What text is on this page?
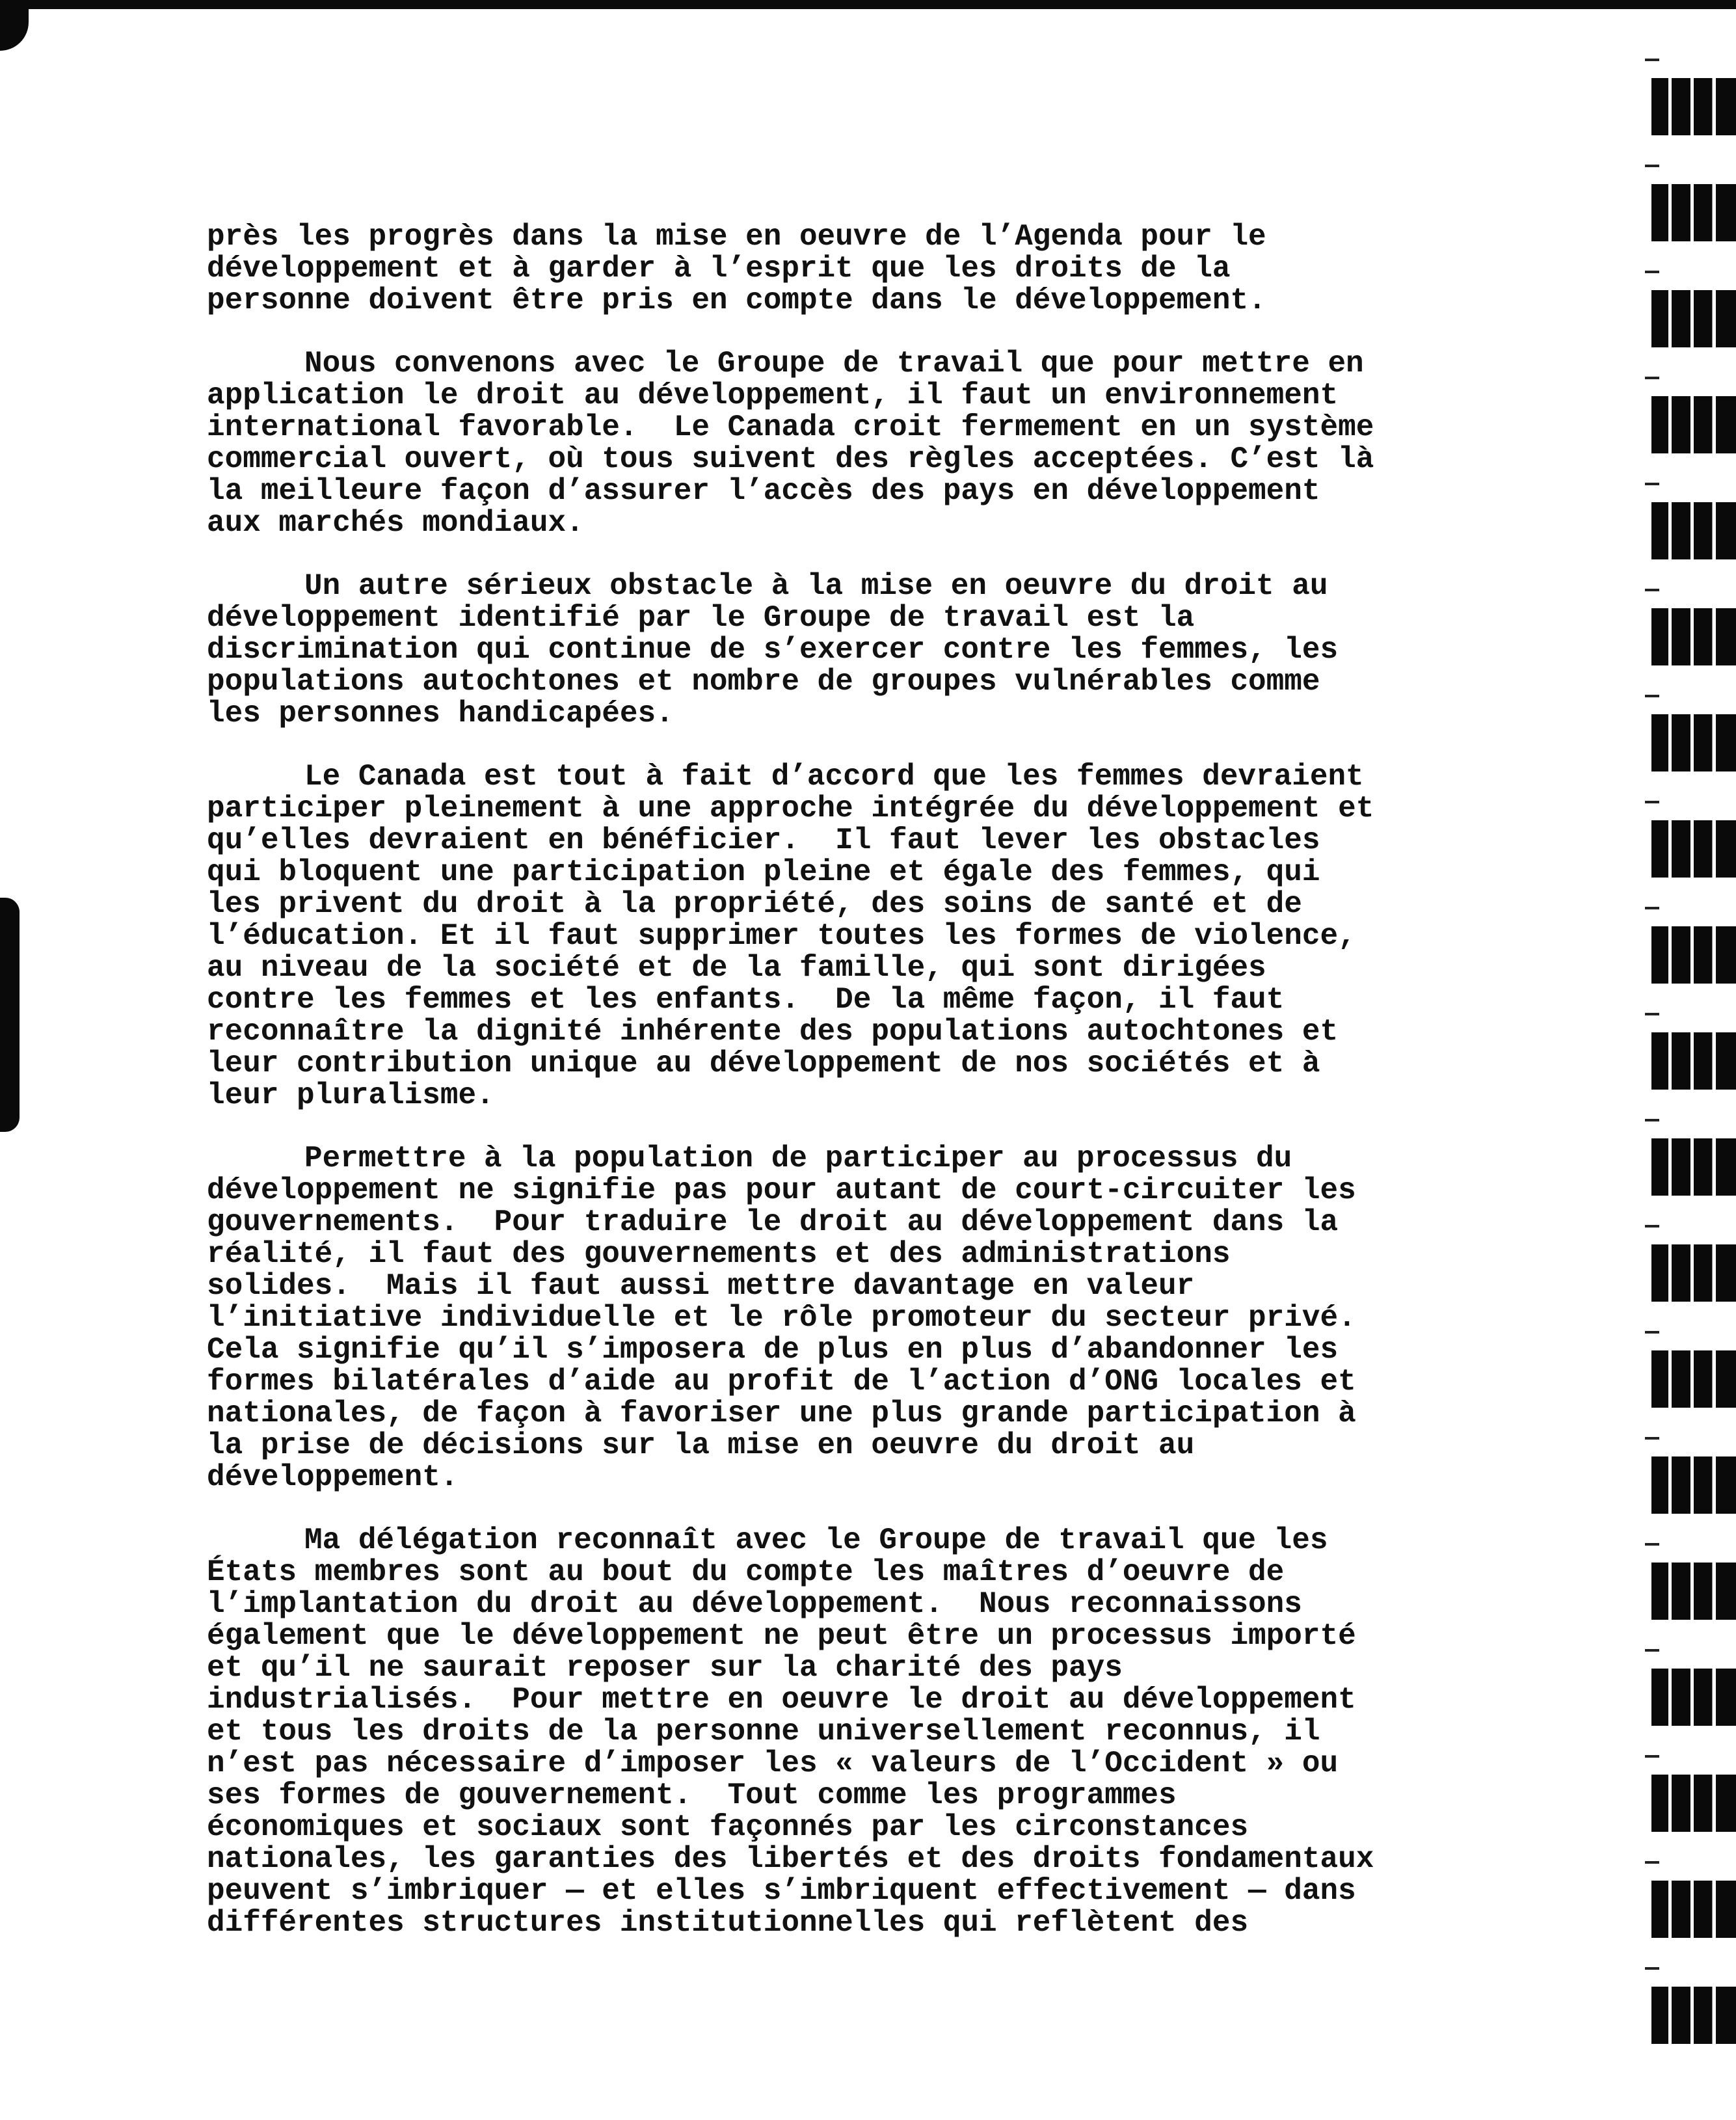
près les progrès dans la mise en oeuvre de l’Agenda pour le
développement et à garder à l’esprit que les droits de la
personne doivent être pris en compte dans le développement.
Nous convenons avec le Groupe de travail que pour mettre en
application le droit au développement, il faut un environnement
international favorable.  Le Canada croit fermement en un système
commercial ouvert, où tous suivent des règles acceptées. C’est là
la meilleure façon d’assurer l’accès des pays en développement
aux marchés mondiaux.
Un autre sérieux obstacle à la mise en oeuvre du droit au
développement identifié par le Groupe de travail est la
discrimination qui continue de s’exercer contre les femmes, les
populations autochtones et nombre de groupes vulnérables comme
les personnes handicapées.
Le Canada est tout à fait d’accord que les femmes devraient
participer pleinement à une approche intégrée du développement et
qu’elles devraient en bénéficier.  Il faut lever les obstacles
qui bloquent une participation pleine et égale des femmes, qui
les privent du droit à la propriété, des soins de santé et de
l’éducation. Et il faut supprimer toutes les formes de violence,
au niveau de la société et de la famille, qui sont dirigées
contre les femmes et les enfants.  De la même façon, il faut
reconnaître la dignité inhérente des populations autochtones et
leur contribution unique au développement de nos sociétés et à
leur pluralisme.
Permettre à la population de participer au processus du
développement ne signifie pas pour autant de court-circuiter les
gouvernements.  Pour traduire le droit au développement dans la
réalité, il faut des gouvernements et des administrations
solides.  Mais il faut aussi mettre davantage en valeur
l’initiative individuelle et le rôle promoteur du secteur privé.
Cela signifie qu’il s’imposera de plus en plus d’abandonner les
formes bilatérales d’aide au profit de l’action d’ONG locales et
nationales, de façon à favoriser une plus grande participation à
la prise de décisions sur la mise en oeuvre du droit au
développement.
Ma délégation reconnaît avec le Groupe de travail que les
États membres sont au bout du compte les maîtres d’oeuvre de
l’implantation du droit au développement.  Nous reconnaissons
également que le développement ne peut être un processus importé
et qu’il ne saurait reposer sur la charité des pays
industrialisés.  Pour mettre en oeuvre le droit au développement
et tous les droits de la personne universellement reconnus, il
n’est pas nécessaire d’imposer les « valeurs de l’Occident » ou
ses formes de gouvernement.  Tout comme les programmes
économiques et sociaux sont façonnés par les circonstances
nationales, les garanties des libertés et des droits fondamentaux
peuvent s’imbriquer — et elles s’imbriquent effectivement — dans
différentes structures institutionnelles qui reflètent des
